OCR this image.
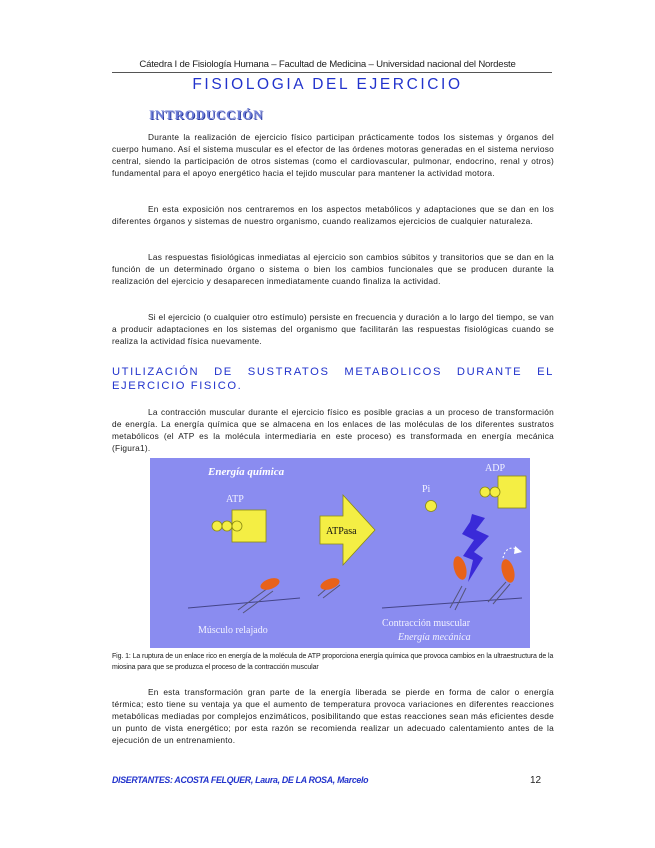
Cátedra I de Fisiología Humana – Facultad de Medicina – Universidad nacional del Nordeste
FISIOLOGIA DEL EJERCICIO
INTRODUCCIÓN

Durante la realización de ejercicio físico participan prácticamente todos los sistemas y órganos del cuerpo humano. Así el sistema muscular es el efector de las órdenes motoras generadas en el sistema nervioso central, siendo la participación de otros sistemas (como el cardiovascular, pulmonar, endocrino, renal y otros) fundamental para el apoyo energético hacia el tejido muscular para mantener la actividad motora.

En esta exposición nos centraremos en los aspectos metabólicos y adaptaciones que se dan en los diferentes órganos y sistemas de nuestro organismo, cuando realizamos ejercicios de cualquier naturaleza.

Las respuestas fisiológicas inmediatas al ejercicio son cambios súbitos y transitorios que se dan en la función de un determinado órgano o sistema o bien los cambios funcionales que se producen durante la realización del ejercicio y desaparecen inmediatamente cuando finaliza la actividad.

Si el ejercicio (o cualquier otro estímulo) persiste en frecuencia y duración a lo largo del tiempo, se van a producir adaptaciones en los sistemas del organismo que facilitarán las respuestas fisiológicas cuando se realiza la actividad física nuevamente.

UTILIZACIÓN DE SUSTRATOS METABOLICOS DURANTE EL
EJERCICIO FISICO.

La contracción muscular durante el ejercicio físico es posible gracias a un proceso de transformación de energía. La energía química que se almacena en los enlaces de las moléculas de los diferentes sustratos metabólicos (el ATP es la molécula intermediaria en este proceso) es transformada en energía mecánica (Figura1).

Energía química
ATP
ATPasa
Músculo relajado
ADP
Pi
Contracción muscular
Energía mecánica

Fig. 1: La ruptura de un enlace rico en energía de la molécula de ATP proporciona energía química que provoca cambios en la ultraestructura de la miosina para que se produzca el proceso de la contracción muscular

En esta transformación gran parte de la energía liberada se pierde en forma de calor o energía térmica; esto tiene su ventaja ya que el aumento de temperatura provoca variaciones en diferentes reacciones metabólicas mediadas por complejos enzimáticos, posibilitando que estas reacciones sean más eficientes desde un punto de vista energético; por esta razón se recomienda realizar un adecuado calentamiento antes de la ejecución de un entrenamiento.

DISERTANTES: ACOSTA FELQUER, Laura, DE LA ROSA, Marcelo	12
